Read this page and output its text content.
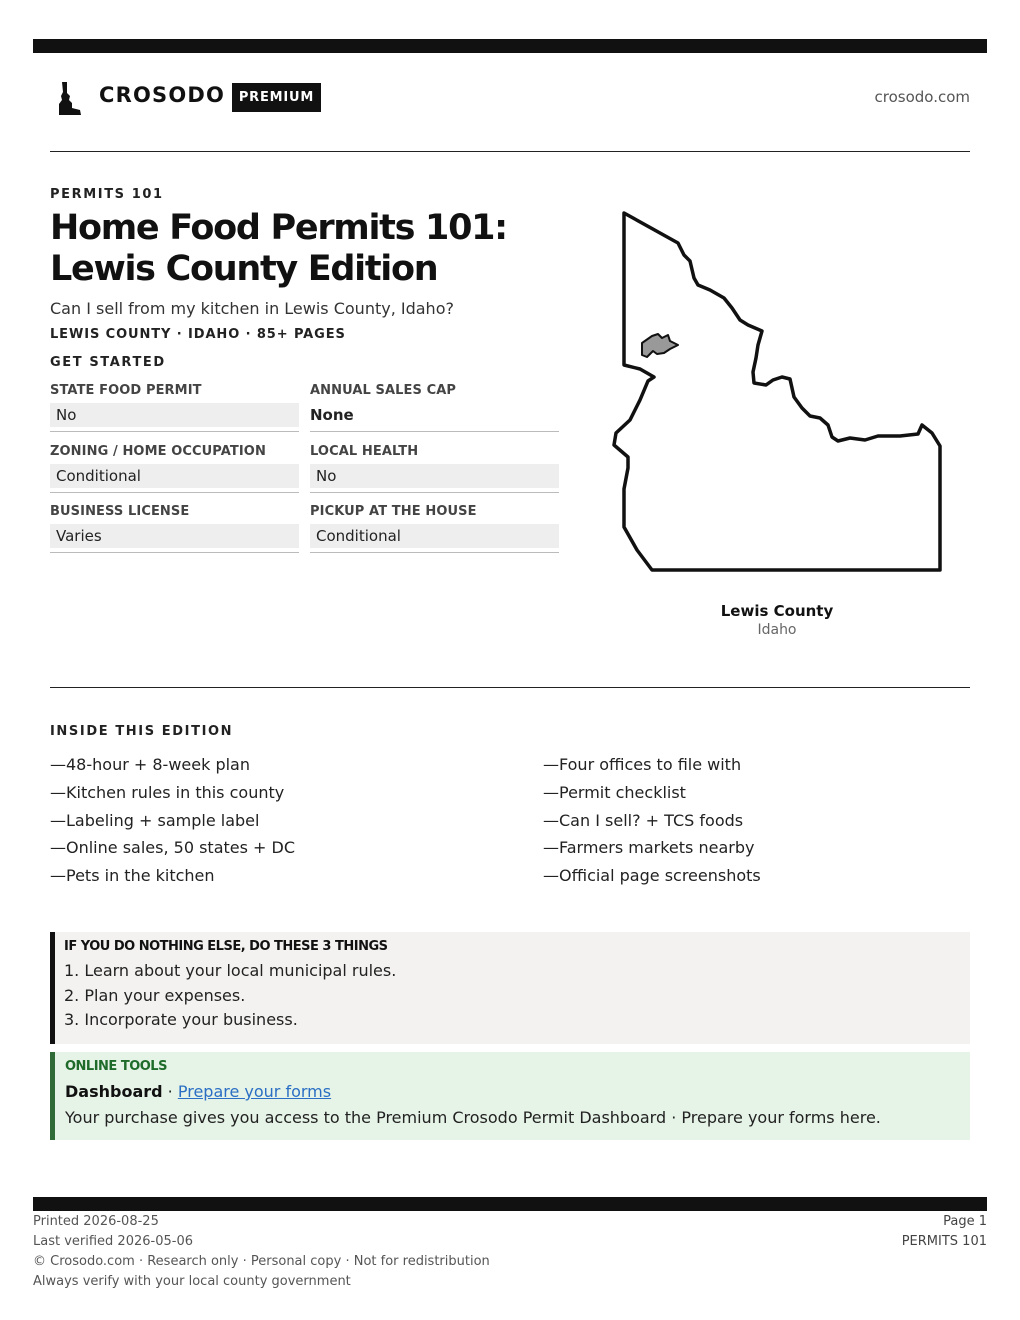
CROSODO	PREMIUM	crosodo.com
PERMITS 101
Home Food Permits 101: Lewis County Edition
Can I sell from my kitchen in Lewis County, Idaho?
LEWIS COUNTY · IDAHO · 85+ PAGES
GET STARTED
STATE FOOD PERMIT
No
ANNUAL SALES CAP
None
ZONING / HOME OCCUPATION
Conditional
LOCAL HEALTH
No
BUSINESS LICENSE
Varies
PICKUP AT THE HOUSE
Conditional
Lewis County
Idaho
INSIDE THIS EDITION
—48-hour + 8-week plan
—Kitchen rules in this county
—Labeling + sample label
—Online sales, 50 states + DC
—Pets in the kitchen
—Four offices to file with
—Permit checklist
—Can I sell? + TCS foods
—Farmers markets nearby
—Official page screenshots
IF YOU DO NOTHING ELSE, DO THESE 3 THINGS
1. Learn about your local municipal rules.
2. Plan your expenses.
3. Incorporate your business.
ONLINE TOOLS
Dashboard · Prepare your forms
Your purchase gives you access to the Premium Crosodo Permit Dashboard · Prepare your forms here.
Printed 2026-08-25
Last verified 2026-05-06
© Crosodo.com · Research only · Personal copy · Not for redistribution
Always verify with your local county government
Page 1
PERMITS 101
